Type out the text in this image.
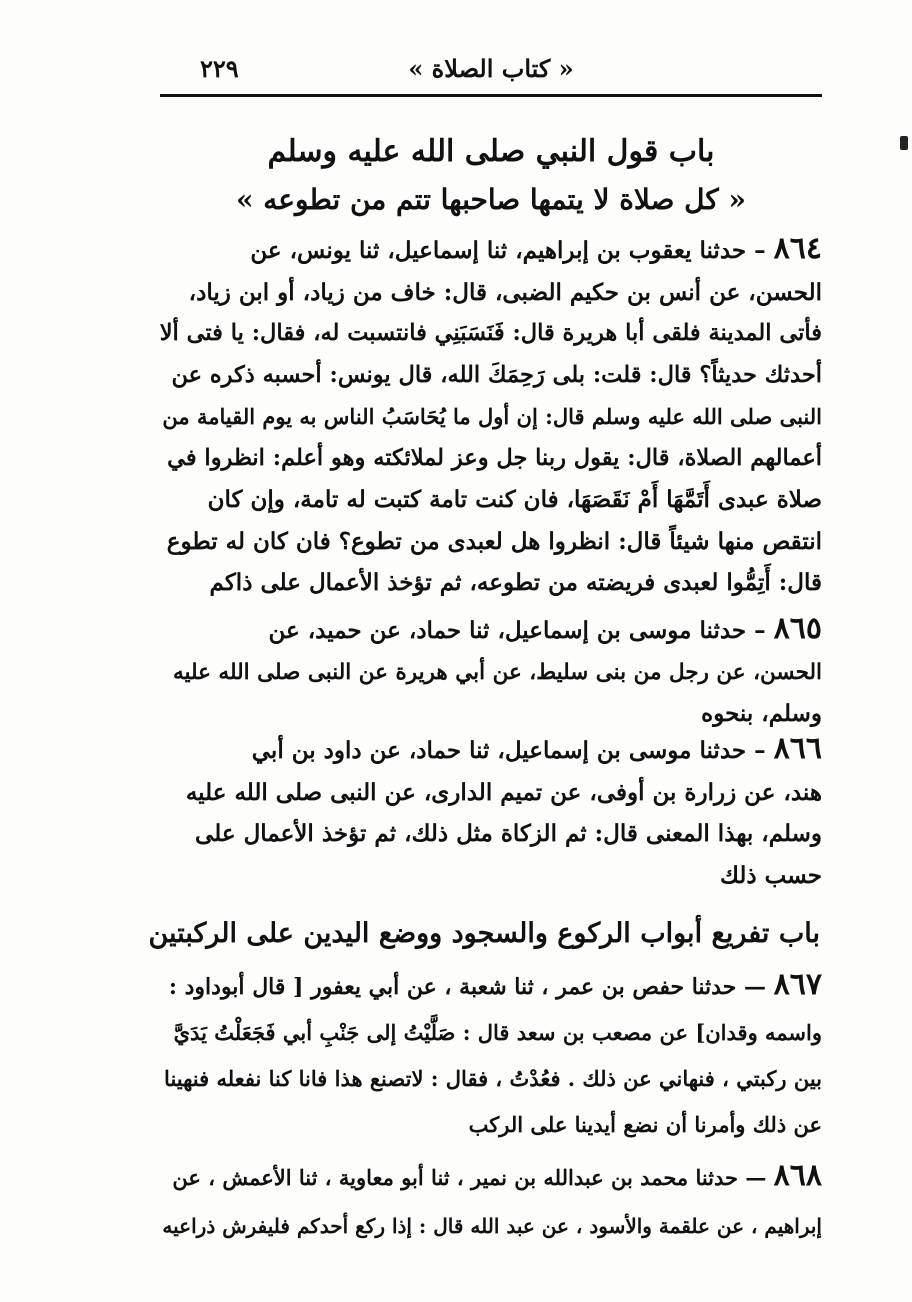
« كتاب الصلاة »
٢٢٩
باب قول النبي صلى الله عليه وسلم
« كل صلاة لا يتمها صاحبها تتم من تطوعه »
٨٦٤ – حدثنا يعقوب بن إبراهيم، ثنا إسماعيل، ثنا يونس، عن
الحسن، عن أنس بن حكيم الضبى، قال: خاف من زياد، أو ابن زياد،
فأتى المدينة فلقى أبا هريرة قال: فَنَسَبَنِي فانتسبت له، فقال: يا فتى ألا
أحدثك حديثاً؟ قال: قلت: بلى رَحِمَكَ الله، قال يونس: أحسبه ذكره عن
النبى صلى الله عليه وسلم قال: إن أول ما يُحَاسَبُ الناس به يوم القيامة من
أعمالهم الصلاة، قال: يقول ربنا جل وعز لملائكته وهو أعلم: انظروا في
صلاة عبدى أَتَمَّهَا أَمْ نَقَصَهَا، فان كنت تامة كتبت له تامة، وإن كان
انتقص منها شيئاً قال: انظروا هل لعبدى من تطوع؟ فان كان له تطوع
قال: أَتِمُّوا لعبدى فريضته من تطوعه، ثم تؤخذ الأعمال على ذاكم
٨٦٥ – حدثنا موسى بن إسماعيل، ثنا حماد، عن حميد، عن
الحسن، عن رجل من بنى سليط، عن أبي هريرة عن النبى صلى الله عليه
وسلم، بنحوه
٨٦٦ – حدثنا موسى بن إسماعيل، ثنا حماد، عن داود بن أبي
هند، عن زرارة بن أوفى، عن تميم الدارى، عن النبى صلى الله عليه
وسلم، بهذا المعنى قال: ثم الزكاة مثل ذلك، ثم تؤخذ الأعمال على
حسب ذلك
باب تفريع أبواب الركوع والسجود ووضع اليدين على الركبتين
٨٦٧ — حدثنا حفص بن عمر ، ثنا شعبة ، عن أبي يعفور [ قال أبوداود :
واسمه وقدان] عن مصعب بن سعد قال : صَلَّيْتُ إلى جَنْبِ أبي فَجَعَلْتُ يَدَيَّ
بين ركبتي ، فنهاني عن ذلك . فعُدْتُ ، فقال : لاتصنع هذا فانا كنا نفعله فنهينا
عن ذلك وأمرنا أن نضع أيدينا على الركب
٨٦٨ — حدثنا محمد بن عبدالله بن نمير ، ثنا أبو معاوية ، ثنا الأعمش ، عن
إبراهيم ، عن علقمة والأسود ، عن عبد الله قال : إذا ركع أحدكم فليفرش ذراعيه
